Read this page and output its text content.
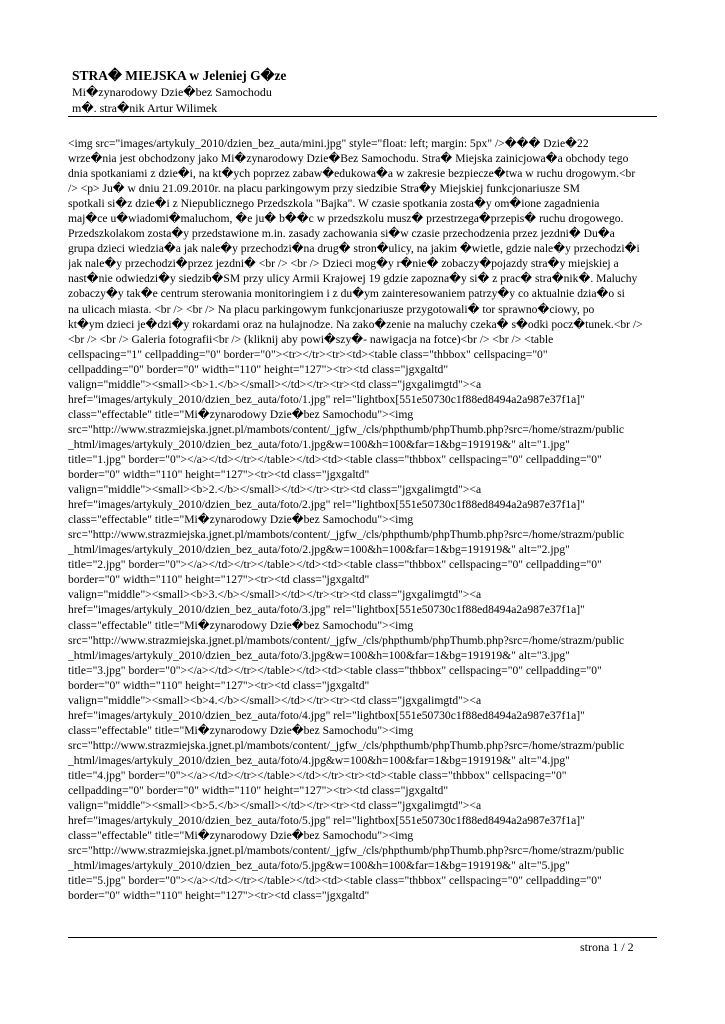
STRA� MIEJSKA w Jeleniej G�ze
Mi�zynarodowy Dzie�bez Samochodu
m�. stra�nik Artur Wilimek
<img src="images/artykuly_2010/dzien_bez_auta/mini.jpg" style="float: left; margin: 5px" />��� Dzie�22
wrze�nia jest obchodzony jako Mi�zynarodowy Dzie�Bez Samochodu. Stra� Miejska zainicjowa�a obchody tego
dnia spotkaniami z dzie�i, na kt�ych poprzez zabaw�edukowa�a w zakresie bezpiecze�twa w ruchu drogowym.<br
/> <p> Ju� w dniu 21.09.2010r. na placu parkingowym przy siedzibie Stra�y Miejskiej funkcjonariusze SM
spotkali si�z dzie�i z Niepublicznego Przedszkola "Bajka". W czasie spotkania zosta�y om�ione zagadnienia
maj�ce u�wiadomi�maluchom, �e ju� b��c w przedszkolu musz� przestrzega�przepis� ruchu drogowego.
Przedszkolakom zosta�y przedstawione m.in. zasady zachowania si�w czasie przechodzenia przez jezdni� Du�a
grupa dzieci wiedzia�a jak nale�y przechodzi�na drug� stron�ulicy, na jakim �wietle, gdzie nale�y przechodzi�i
jak nale�y przechodzi�przez jezdni� <br /> <br /> Dzieci mog�y r�nie� zobaczy�pojazdy stra�y miejskiej a
nast�nie odwiedzi�y siedzib�SM przy ulicy Armii Krajowej 19 gdzie zapozna�y si� z prac� stra�nik�. Maluchy
zobaczy�y tak�e centrum sterowania monitoringiem i z du�ym zainteresowaniem patrzy�y co aktualnie dzia�o si
na ulicach miasta. <br /> <br /> Na placu parkingowym funkcjonariusze przygotowali� tor sprawno�ciowy, po
kt�ym dzieci je�dzi�y rokardami oraz na hulajnodze. Na zako�zenie na maluchy czeka� s�odki pocz�tunek.<br />
<br /> <br /> Galeria fotografii<br /> (kliknij aby powi�szy�- nawigacja na fotce)<br /> <br /> <table
cellspacing="1" cellpadding="0" border="0"><tr></tr><tr><td><table class="thbbox" cellspacing="0"
cellpadding="0" border="0" width="110" height="127"><tr><td class="jgxgaltd"
valign="middle"><small><b>1.</b></small></td></tr><tr><td class="jgxgalimgtd"><a
href="images/artykuly_2010/dzien_bez_auta/foto/1.jpg" rel="lightbox[551e50730c1f88ed8494a2a987e37f1a]"
class="effectable" title="Mi�zynarodowy Dzie�bez Samochodu"><img
src="http://www.strazmiejska.jgnet.pl/mambots/content/_jgfw_/cls/phpthumb/phpThumb.php?src=/home/strazm/public
_html/images/artykuly_2010/dzien_bez_auta/foto/1.jpg&w=100&h=100&far=1&bg=191919&" alt="1.jpg"
title="1.jpg" border="0"></a></td></tr></table></td><td><table class="thbbox" cellspacing="0" cellpadding="0"
border="0" width="110" height="127"><tr><td class="jgxgaltd"
valign="middle"><small><b>2.</b></small></td></tr><tr><td class="jgxgalimgtd"><a
href="images/artykuly_2010/dzien_bez_auta/foto/2.jpg" rel="lightbox[551e50730c1f88ed8494a2a987e37f1a]"
class="effectable" title="Mi�zynarodowy Dzie�bez Samochodu"><img
src="http://www.strazmiejska.jgnet.pl/mambots/content/_jgfw_/cls/phpthumb/phpThumb.php?src=/home/strazm/public
_html/images/artykuly_2010/dzien_bez_auta/foto/2.jpg&w=100&h=100&far=1&bg=191919&" alt="2.jpg"
title="2.jpg" border="0"></a></td></tr></table></td><td><table class="thbbox" cellspacing="0" cellpadding="0"
border="0" width="110" height="127"><tr><td class="jgxgaltd"
valign="middle"><small><b>3.</b></small></td></tr><tr><td class="jgxgalimgtd"><a
href="images/artykuly_2010/dzien_bez_auta/foto/3.jpg" rel="lightbox[551e50730c1f88ed8494a2a987e37f1a]"
class="effectable" title="Mi�zynarodowy Dzie�bez Samochodu"><img
src="http://www.strazmiejska.jgnet.pl/mambots/content/_jgfw_/cls/phpthumb/phpThumb.php?src=/home/strazm/public
_html/images/artykuly_2010/dzien_bez_auta/foto/3.jpg&w=100&h=100&far=1&bg=191919&" alt="3.jpg"
title="3.jpg" border="0"></a></td></tr></table></td><td><table class="thbbox" cellspacing="0" cellpadding="0"
border="0" width="110" height="127"><tr><td class="jgxgaltd"
valign="middle"><small><b>4.</b></small></td></tr><tr><td class="jgxgalimgtd"><a
href="images/artykuly_2010/dzien_bez_auta/foto/4.jpg" rel="lightbox[551e50730c1f88ed8494a2a987e37f1a]"
class="effectable" title="Mi�zynarodowy Dzie�bez Samochodu"><img
src="http://www.strazmiejska.jgnet.pl/mambots/content/_jgfw_/cls/phpthumb/phpThumb.php?src=/home/strazm/public
_html/images/artykuly_2010/dzien_bez_auta/foto/4.jpg&w=100&h=100&far=1&bg=191919&" alt="4.jpg"
title="4.jpg" border="0"></a></td></tr></table></td></tr><tr><td><table class="thbbox" cellspacing="0"
cellpadding="0" border="0" width="110" height="127"><tr><td class="jgxgaltd"
valign="middle"><small><b>5.</b></small></td></tr><tr><td class="jgxgalimgtd"><a
href="images/artykuly_2010/dzien_bez_auta/foto/5.jpg" rel="lightbox[551e50730c1f88ed8494a2a987e37f1a]"
class="effectable" title="Mi�zynarodowy Dzie�bez Samochodu"><img
src="http://www.strazmiejska.jgnet.pl/mambots/content/_jgfw_/cls/phpthumb/phpThumb.php?src=/home/strazm/public
_html/images/artykuly_2010/dzien_bez_auta/foto/5.jpg&w=100&h=100&far=1&bg=191919&" alt="5.jpg"
title="5.jpg" border="0"></a></td></tr></table></td><td><table class="thbbox" cellspacing="0" cellpadding="0"
border="0" width="110" height="127"><tr><td class="jgxgaltd"
strona 1 / 2
